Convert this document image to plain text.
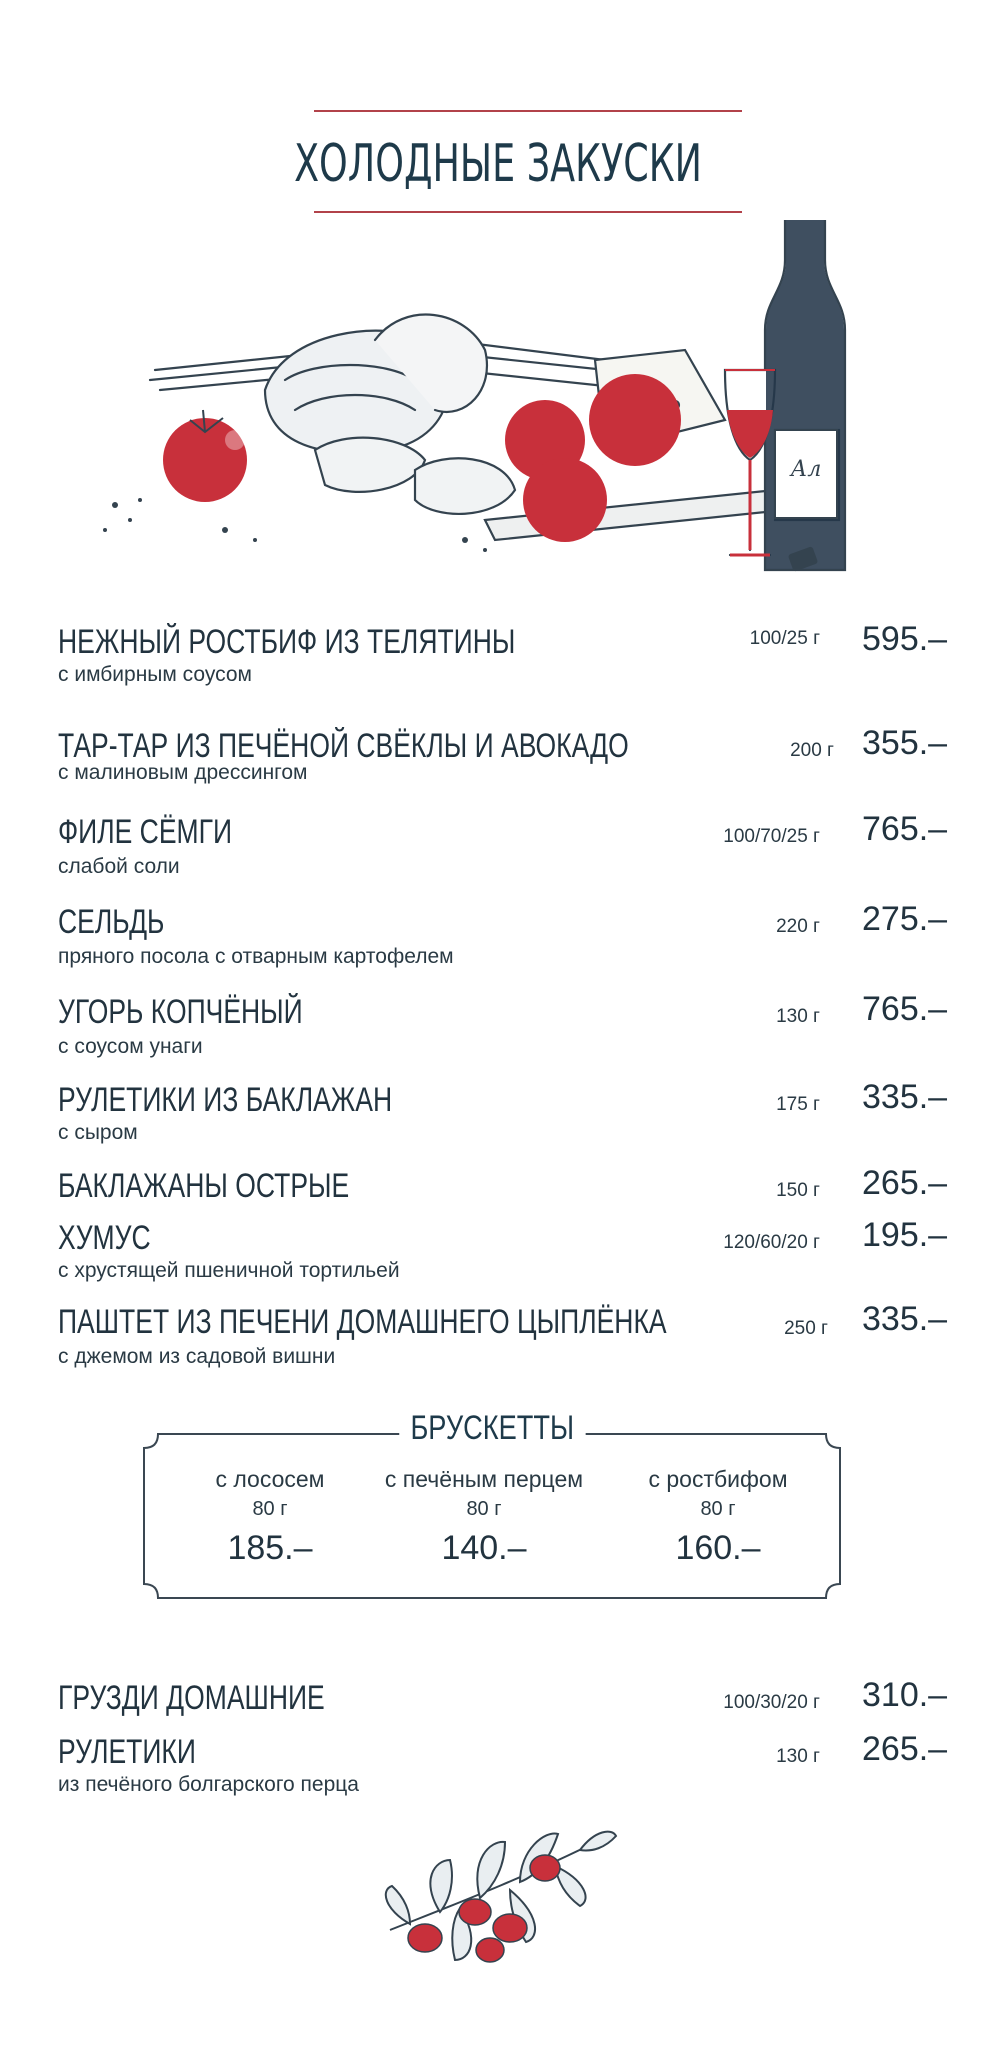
ХОЛОДНЫЕ ЗАКУСКИ
Ал
НЕЖНЫЙ РОСТБИФ ИЗ ТЕЛЯТИНЫ
с имбирным соусом
100/25 г 595.–
ТАР-ТАР ИЗ ПЕЧЁНОЙ СВЁКЛЫ И АВОКАДО
с малиновым дрессингом
200 г 355.–
ФИЛЕ СЁМГИ
слабой соли
100/70/25 г 765.–
СЕЛЬДЬ
пряного посола с отварным картофелем
220 г 275.–
УГОРЬ КОПЧЁНЫЙ
с соусом унаги
130 г 765.–
РУЛЕТИКИ ИЗ БАКЛАЖАН
с сыром
175 г 335.–
БАКЛАЖАНЫ ОСТРЫЕ	150 г 265.–
ХУМУС
с хрустящей пшеничной тортильей
120/60/20 г 195.–
ПАШТЕТ ИЗ ПЕЧЕНИ ДОМАШНЕГО ЦЫПЛЁНКА
с джемом из садовой вишни
250 г 335.–
БРУСКЕТТЫ
с лососем
80 г
185.–
с печёным перцем
80 г
140.–
с ростбифом
80 г
160.–
ГРУЗДИ ДОМАШНИЕ	100/30/20 г 310.–
РУЛЕТИКИ
из печёного болгарского перца
130 г 265.–
